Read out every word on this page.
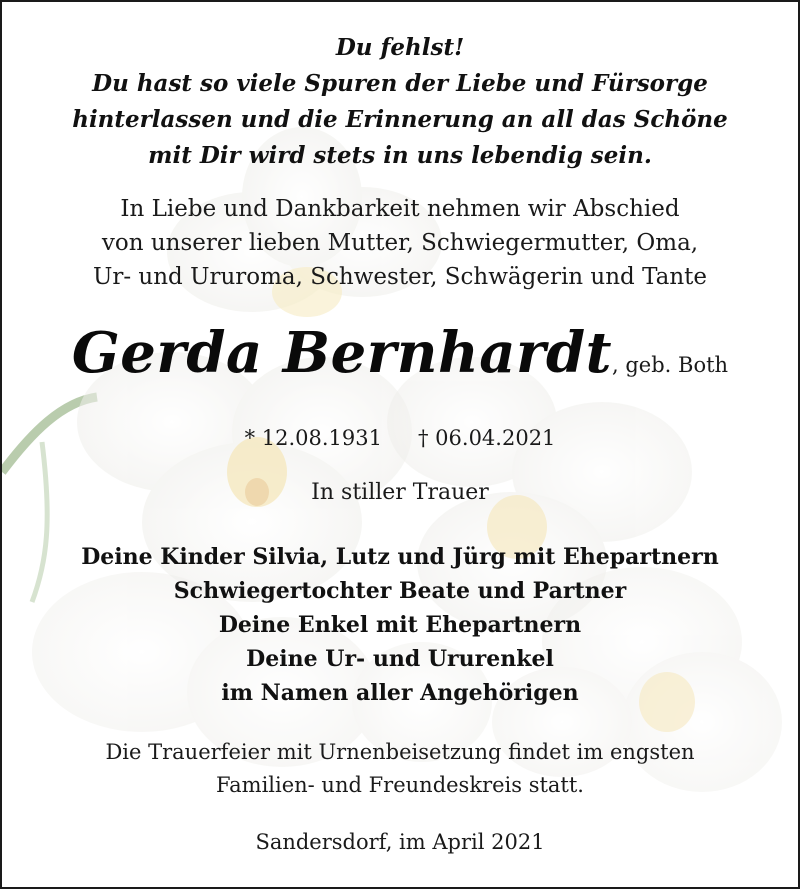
Du fehlst!
Du hast so viele Spuren der Liebe und Fürsorge
hinterlassen und die Erinnerung an all das Schöne
mit Dir wird stets in uns lebendig sein.
In Liebe und Dankbarkeit nehmen wir Abschied
von unserer lieben Mutter, Schwiegermutter, Oma,
Ur- und Ururoma, Schwester, Schwägerin und Tante
Gerda Bernhardt, geb. Both
* 12.08.1931 † 06.04.2021
In stiller Trauer
Deine Kinder Silvia, Lutz und Jürg mit Ehepartnern
Schwiegertochter Beate und Partner
Deine Enkel mit Ehepartnern
Deine Ur- und Ururenkel
im Namen aller Angehörigen
Die Trauerfeier mit Urnenbeisetzung findet im engsten
Familien- und Freundeskreis statt.
Sandersdorf, im April 2021
